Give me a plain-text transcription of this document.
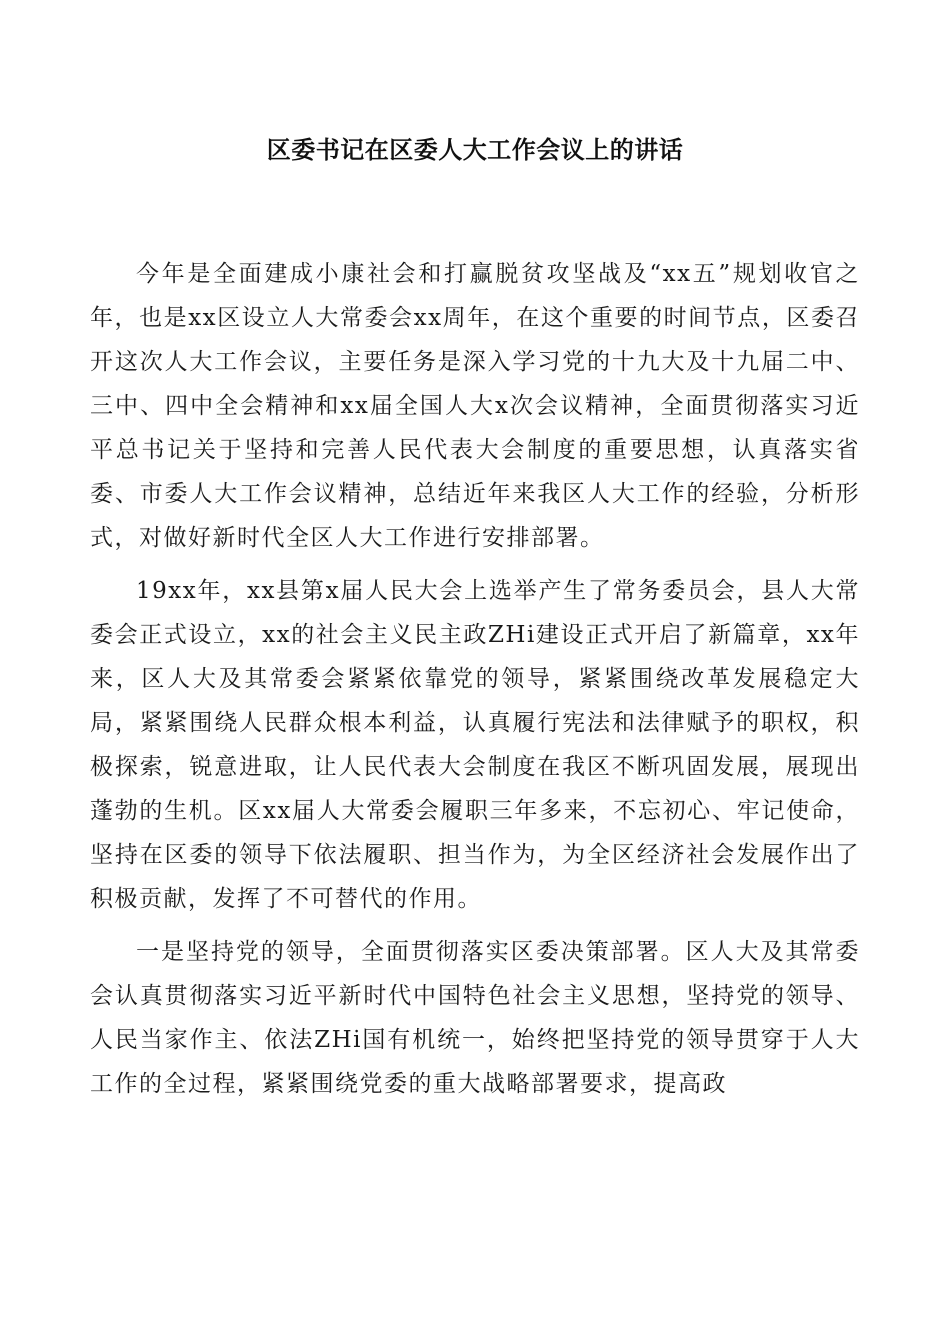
区委书记在区委人大工作会议上的讲话

今年是全面建成小康社会和打赢脱贫攻坚战及“xx五”规划收官之年，也是xx区设立人大常委会xx周年，在这个重要的时间节点，区委召开这次人大工作会议，主要任务是深入学习党的十九大及十九届二中、三中、四中全会精神和xx届全国人大x次会议精神，全面贯彻落实习近平总书记关于坚持和完善人民代表大会制度的重要思想，认真落实省委、市委人大工作会议精神，总结近年来我区人大工作的经验，分析形式，对做好新时代全区人大工作进行安排部署。

19xx年，xx县第x届人民大会上选举产生了常务委员会，县人大常委会正式设立，xx的社会主义民主政ZHi建设正式开启了新篇章，xx年来，区人大及其常委会紧紧依靠党的领导，紧紧围绕改革发展稳定大局，紧紧围绕人民群众根本利益，认真履行宪法和法律赋予的职权，积极探索，锐意进取，让人民代表大会制度在我区不断巩固发展，展现出蓬勃的生机。区xx届人大常委会履职三年多来，不忘初心、牢记使命，坚持在区委的领导下依法履职、担当作为，为全区经济社会发展作出了积极贡献，发挥了不可替代的作用。

一是坚持党的领导，全面贯彻落实区委决策部署。区人大及其常委会认真贯彻落实习近平新时代中国特色社会主义思想，坚持党的领导、人民当家作主、依法ZHi国有机统一，始终把坚持党的领导贯穿于人大工作的全过程，紧紧围绕党委的重大战略部署要求，提高政
